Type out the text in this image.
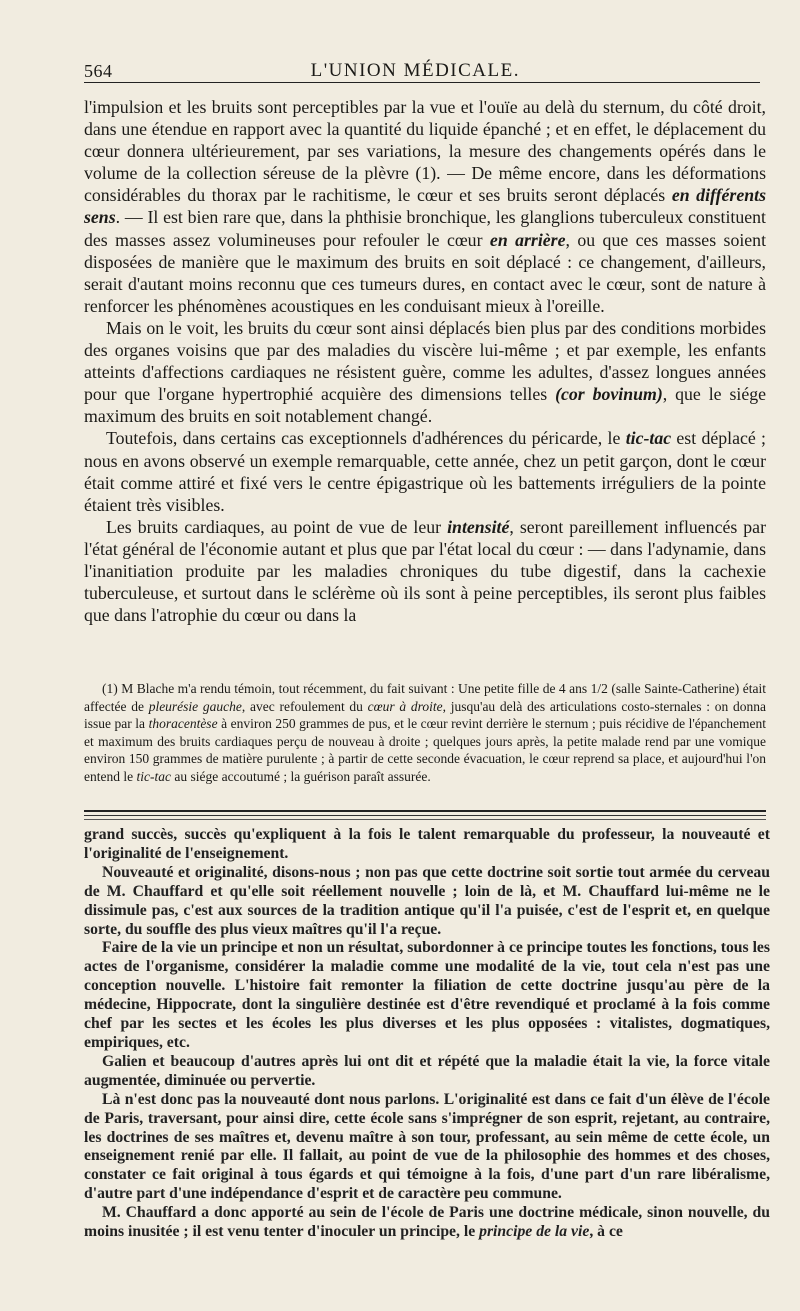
564	L'UNION MÉDICALE.

l'impulsion et les bruits sont perceptibles par la vue et l'ouïe au delà du sternum, du côté droit, dans une étendue en rapport avec la quantité du liquide épanché ; et en effet, le déplacement du cœur donnera ultérieurement, par ses variations, la mesure des changements opérés dans le volume de la collection séreuse de la plèvre (1). — De même encore, dans les déformations considérables du thorax par le rachitisme, le cœur et ses bruits seront déplacés en différents sens. — Il est bien rare que, dans la phthisie bronchique, les glanglions tuberculeux constituent des masses assez volumineuses pour refouler le cœur en arrière, ou que ces masses soient disposées de manière que le maximum des bruits en soit déplacé : ce changement, d'ailleurs, serait d'autant moins reconnu que ces tumeurs dures, en contact avec le cœur, sont de nature à renforcer les phénomènes acoustiques en les conduisant mieux à l'oreille.

Mais on le voit, les bruits du cœur sont ainsi déplacés bien plus par des conditions morbides des organes voisins que par des maladies du viscère lui-même ; et par exemple, les enfants atteints d'affections cardiaques ne résistent guère, comme les adultes, d'assez longues années pour que l'organe hypertrophié acquière des dimensions telles (cor bovinum), que le siége maximum des bruits en soit notablement changé.

Toutefois, dans certains cas exceptionnels d'adhérences du péricarde, le tic-tac est déplacé ; nous en avons observé un exemple remarquable, cette année, chez un petit garçon, dont le cœur était comme attiré et fixé vers le centre épigastrique où les battements irréguliers de la pointe étaient très visibles.

Les bruits cardiaques, au point de vue de leur intensité, seront pareillement influencés par l'état général de l'économie autant et plus que par l'état local du cœur : — dans l'adynamie, dans l'inanitiation produite par les maladies chroniques du tube digestif, dans la cachexie tuberculeuse, et surtout dans le sclérème où ils sont à peine perceptibles, ils seront plus faibles que dans l'atrophie du cœur ou dans la

(1) M Blache m'a rendu témoin, tout récemment, du fait suivant : Une petite fille de 4 ans 1/2 (salle Sainte-Catherine) était affectée de pleurésie gauche, avec refoulement du cœur à droite, jusqu'au delà des articulations costo-sternales : on donna issue par la thoracentèse à environ 250 grammes de pus, et le cœur revint derrière le sternum ; puis récidive de l'épanchement et maximum des bruits cardiaques perçu de nouveau à droite ; quelques jours après, la petite malade rend par une vomique environ 150 grammes de matière purulente ; à partir de cette seconde évacuation, le cœur reprend sa place, et aujourd'hui l'on entend le tic-tac au siége accoutumé ; la guérison paraît assurée.

grand succès, succès qu'expliquent à la fois le talent remarquable du professeur, la nouveauté et l'originalité de l'enseignement.

Nouveauté et originalité, disons-nous ; non pas que cette doctrine soit sortie tout armée du cerveau de M. Chauffard et qu'elle soit réellement nouvelle ; loin de là, et M. Chauffard lui-même ne le dissimule pas, c'est aux sources de la tradition antique qu'il l'a puisée, c'est de l'esprit et, en quelque sorte, du souffle des plus vieux maîtres qu'il l'a reçue.

Faire de la vie un principe et non un résultat, subordonner à ce principe toutes les fonctions, tous les actes de l'organisme, considérer la maladie comme une modalité de la vie, tout cela n'est pas une conception nouvelle. L'histoire fait remonter la filiation de cette doctrine jusqu'au père de la médecine, Hippocrate, dont la singulière destinée est d'être revendiqué et proclamé à la fois comme chef par les sectes et les écoles les plus diverses et les plus opposées : vitalistes, dogmatiques, empiriques, etc.

Galien et beaucoup d'autres après lui ont dit et répété que la maladie était la vie, la force vitale augmentée, diminuée ou pervertie.

Là n'est donc pas la nouveauté dont nous parlons. L'originalité est dans ce fait d'un élève de l'école de Paris, traversant, pour ainsi dire, cette école sans s'imprégner de son esprit, rejetant, au contraire, les doctrines de ses maîtres et, devenu maître à son tour, professant, au sein même de cette école, un enseignement renié par elle. Il fallait, au point de vue de la philosophie des hommes et des choses, constater ce fait original à tous égards et qui témoigne à la fois, d'une part d'un rare libéralisme, d'autre part d'une indépendance d'esprit et de caractère peu commune.

M. Chauffard a donc apporté au sein de l'école de Paris une doctrine médicale, sinon nouvelle, du moins inusitée ; il est venu tenter d'inoculer un principe, le principe de la vie, à ce
